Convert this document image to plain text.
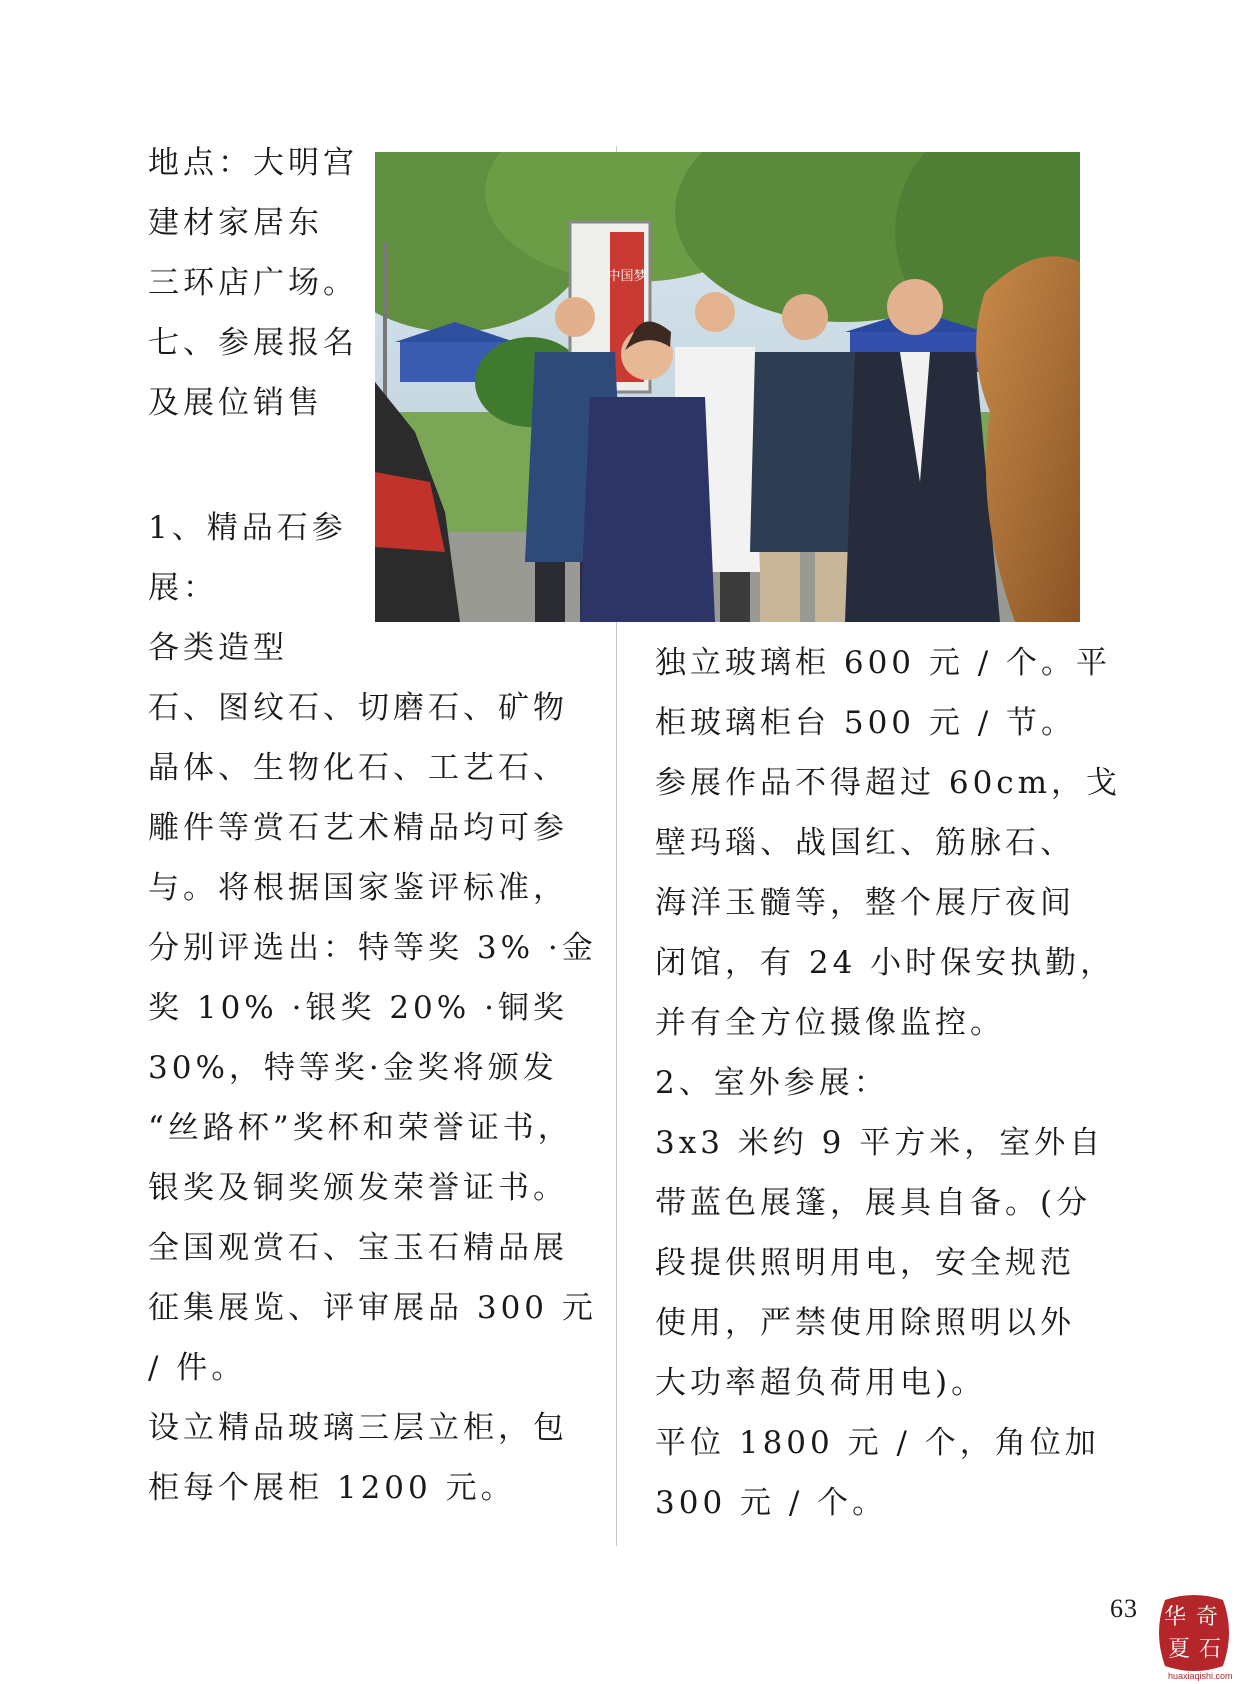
地点：大明宫
建材家居东
三环店广场。
七、参展报名
及展位销售
1、精品石参
展：
各类造型
石、图纹石、切磨石、矿物
晶体、生物化石、工艺石、
雕件等赏石艺术精品均可参
与。将根据国家鉴评标准，
分别评选出：特等奖 3% ·金
奖 10% ·银奖 20% ·铜奖
30%，特等奖·金奖将颁发
“丝路杯”奖杯和荣誉证书，
银奖及铜奖颁发荣誉证书。
全国观赏石、宝玉石精品展
征集展览、评审展品 300 元
/ 件。
设立精品玻璃三层立柜，包
柜每个展柜 1200 元。
中国梦
独立玻璃柜 600 元 / 个。平
柜玻璃柜台 500 元 / 节。
参展作品不得超过 60cm，戈
壁玛瑙、战国红、筋脉石、
海洋玉髓等，整个展厅夜间
闭馆，有 24 小时保安执勤，
并有全方位摄像监控。
2、室外参展：
3x3 米约 9 平方米，室外自
带蓝色展篷，展具自备。(分
段提供照明用电，安全规范
使用，严禁使用除照明以外
大功率超负荷用电)。
平位 1800 元 / 个，角位加
300 元 / 个。
63 华 奇
夏 石
huaxiaqishi.com
